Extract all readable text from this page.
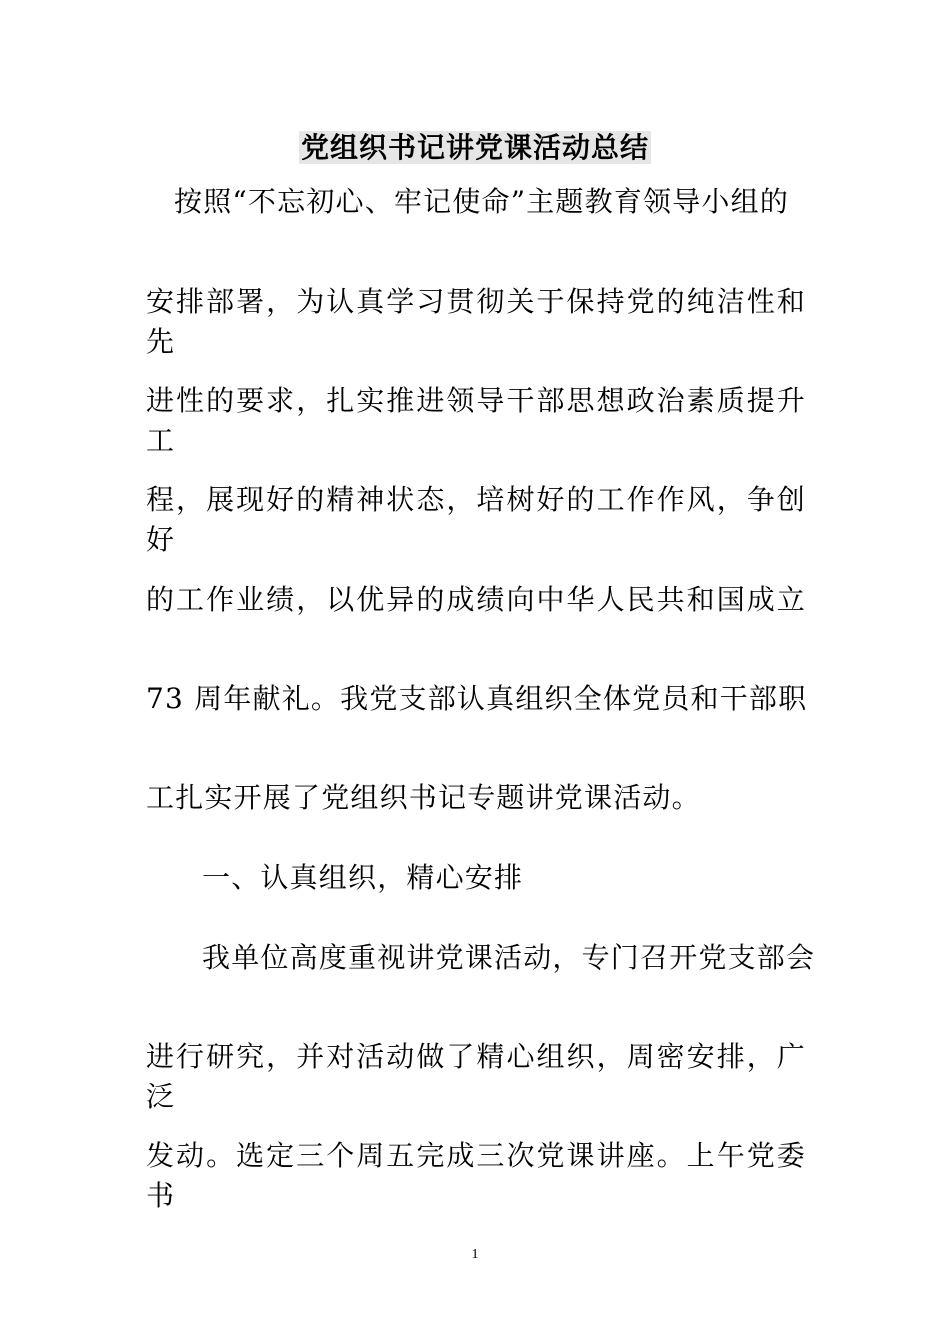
党组织书记讲党课活动总结
按照“不忘初心、牢记使命”主题教育领导小组的
安排部署，为认真学习贯彻关于保持党的纯洁性和先
进性的要求，扎实推进领导干部思想政治素质提升工
程，展现好的精神状态，培树好的工作作风，争创好
的工作业绩，以优异的成绩向中华人民共和国成立
73 周年献礼。我党支部认真组织全体党员和干部职
工扎实开展了党组织书记专题讲党课活动。
一、认真组织，精心安排
我单位高度重视讲党课活动，专门召开党支部会
进行研究，并对活动做了精心组织，周密安排，广泛
发动。选定三个周五完成三次党课讲座。上午党委书
1
